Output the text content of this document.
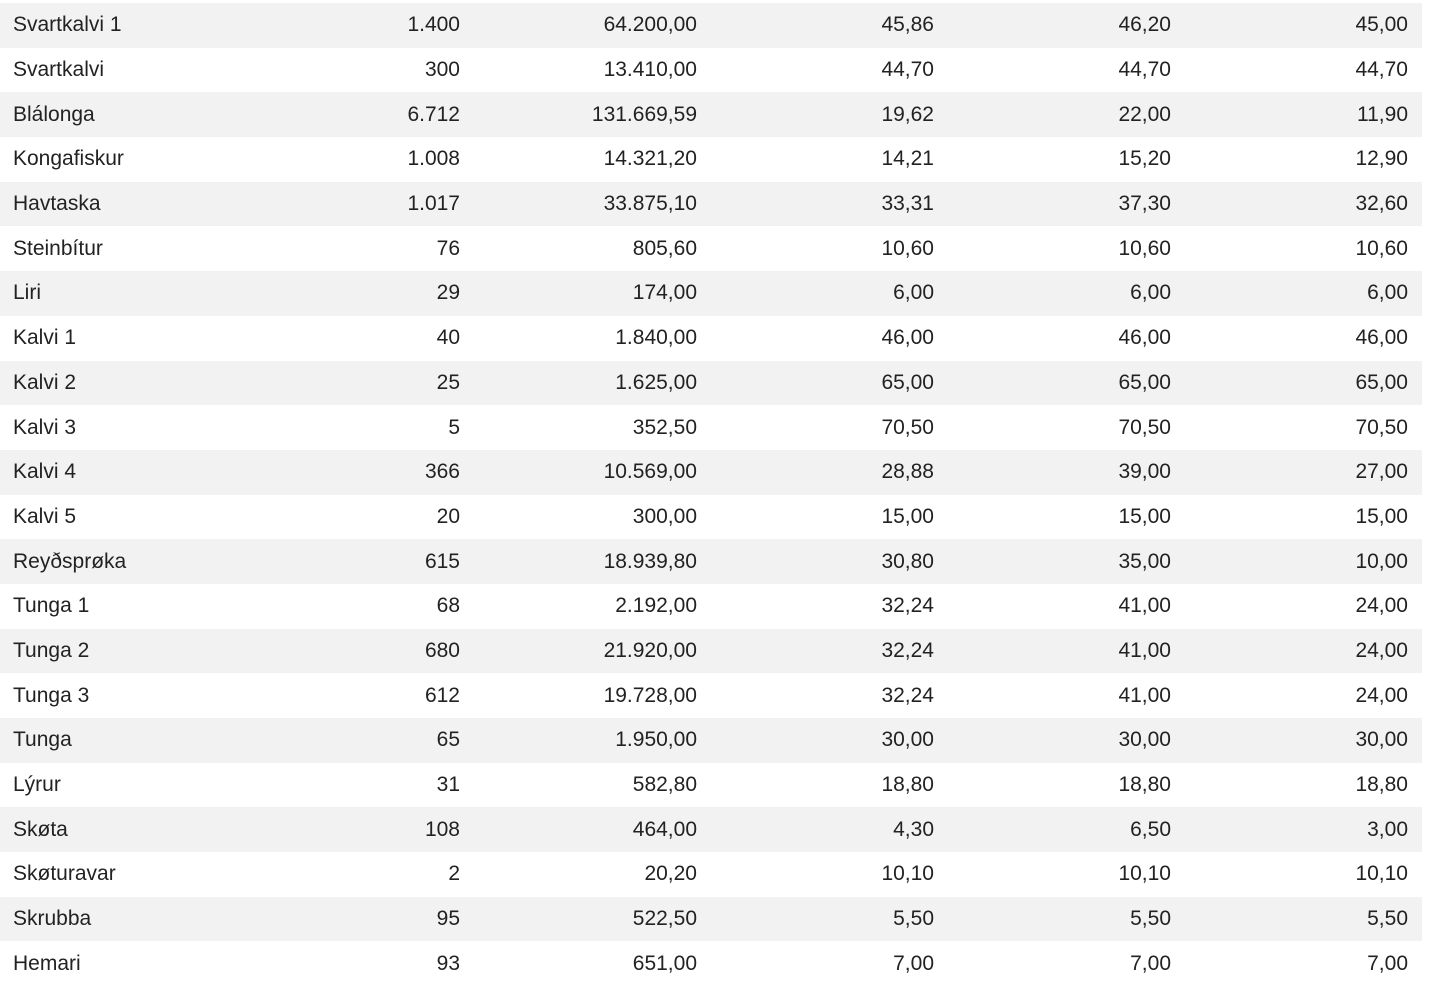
Svartkalvi 1	1.400	64.200,00	45,86	46,20	45,00
Svartkalvi	300	13.410,00	44,70	44,70	44,70
Blálonga	6.712	131.669,59	19,62	22,00	11,90
Kongafiskur	1.008	14.321,20	14,21	15,20	12,90
Havtaska	1.017	33.875,10	33,31	37,30	32,60
Steinbítur	76	805,60	10,60	10,60	10,60
Liri	29	174,00	6,00	6,00	6,00
Kalvi 1	40	1.840,00	46,00	46,00	46,00
Kalvi 2	25	1.625,00	65,00	65,00	65,00
Kalvi 3	5	352,50	70,50	70,50	70,50
Kalvi 4	366	10.569,00	28,88	39,00	27,00
Kalvi 5	20	300,00	15,00	15,00	15,00
Reyðsprøka	615	18.939,80	30,80	35,00	10,00
Tunga 1	68	2.192,00	32,24	41,00	24,00
Tunga 2	680	21.920,00	32,24	41,00	24,00
Tunga 3	612	19.728,00	32,24	41,00	24,00
Tunga	65	1.950,00	30,00	30,00	30,00
Lýrur	31	582,80	18,80	18,80	18,80
Skøta	108	464,00	4,30	6,50	3,00
Skøturavar	2	20,20	10,10	10,10	10,10
Skrubba	95	522,50	5,50	5,50	5,50
Hemari	93	651,00	7,00	7,00	7,00
